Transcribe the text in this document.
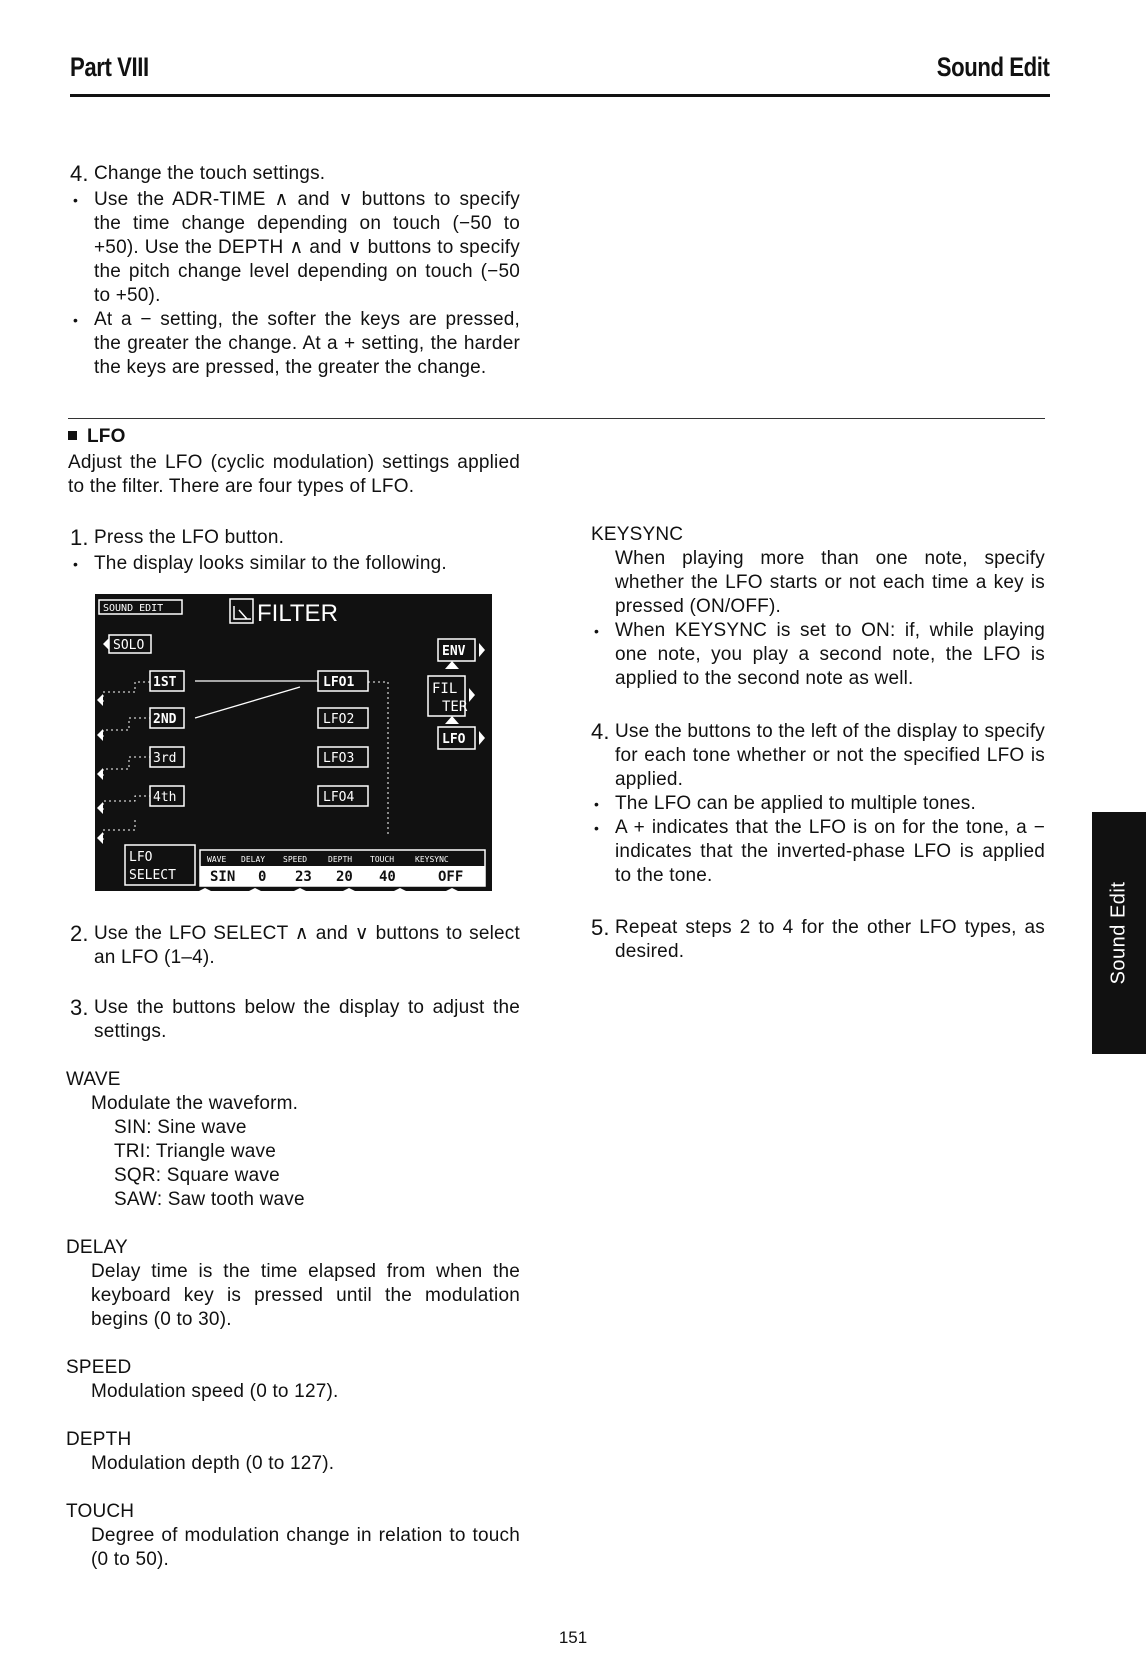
Part VIII	Sound Edit
4. Change the touch settings.
• Use the ADR-TIME ∧ and ∨ buttons to specify the time change depending on touch (−50 to +50). Use the DEPTH ∧ and ∨ buttons to specify the pitch change level depending on touch (−50 to +50).
• At a − setting, the softer the keys are pressed, the greater the change. At a + setting, the harder the keys are pressed, the greater the change.
LFO
Adjust the LFO (cyclic modulation) settings applied to the filter. There are four types of LFO.
1. Press the LFO button.
• The display looks similar to the following.
SOUND EDIT	FILTER
SOLO
1ST
2ND
3rd
4th
LFO1
LFO2
LFO3
LFO4
ENV
FIL
TER
LFO
LFO
SELECT
WAVE DELAY SPEED	DEPTH TOUCH	KEYSYNC
SIN 0 23 20 40	OFF
2. Use the LFO SELECT ∧ and ∨ buttons to select an LFO (1–4).
3. Use the buttons below the display to adjust the settings.
WAVE
Modulate the waveform.
SIN: Sine wave
TRI: Triangle wave
SQR: Square wave
SAW: Saw tooth wave
DELAY
Delay time is the time elapsed from when the keyboard key is pressed until the modulation begins (0 to 30).
SPEED
Modulation speed (0 to 127).
DEPTH
Modulation depth (0 to 127).
TOUCH
Degree of modulation change in relation to touch (0 to 50).
KEYSYNC
When playing more than one note, specify whether the LFO starts or not each time a key is pressed (ON/OFF).
• When KEYSYNC is set to ON: if, while playing one note, you play a second note, the LFO is applied to the second note as well.
4. Use the buttons to the left of the display to specify for each tone whether or not the specified LFO is applied.
• The LFO can be applied to multiple tones.
• A + indicates that the LFO is on for the tone, a − indicates that the inverted-phase LFO is applied to the tone.
5. Repeat steps 2 to 4 for the other LFO types, as desired.	Sound Edit
151
